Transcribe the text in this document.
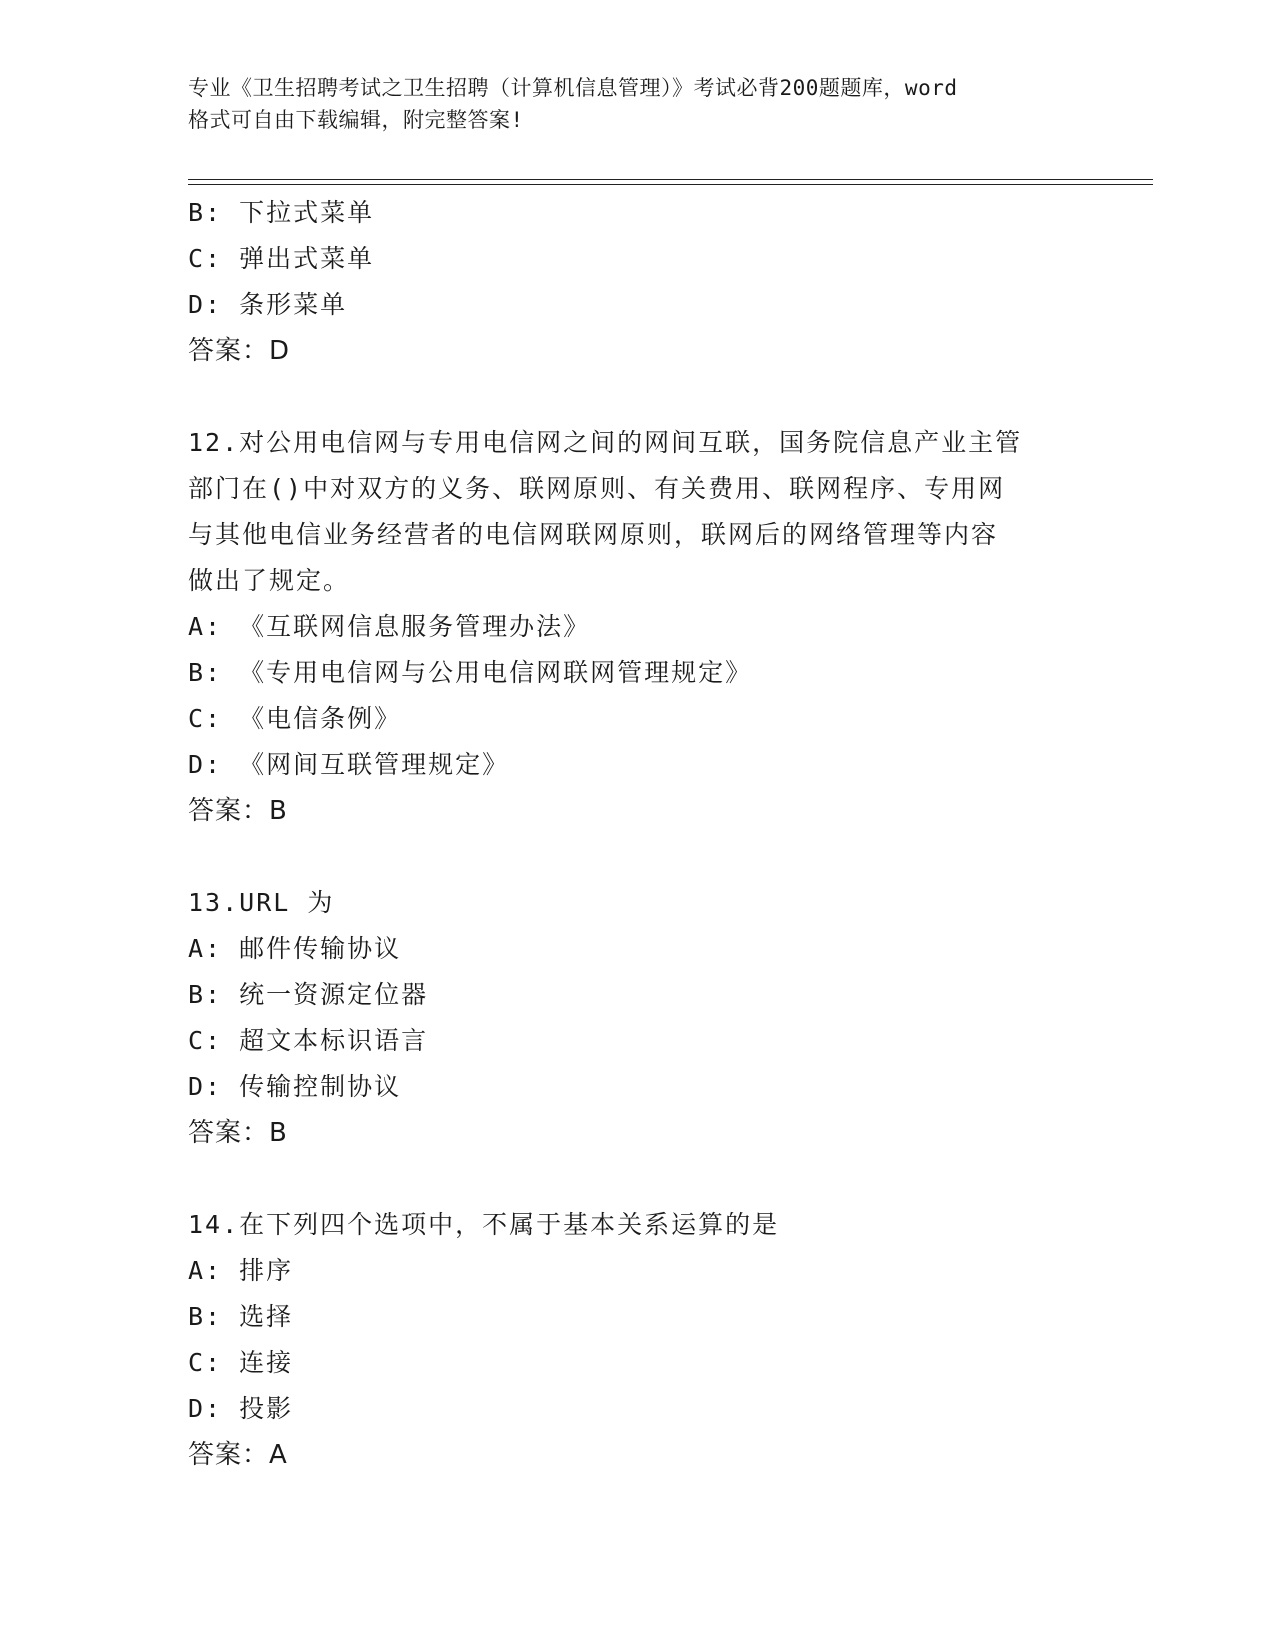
专业《卫生招聘考试之卫生招聘（计算机信息管理）》考试必背200题题库，word
格式可自由下载编辑，附完整答案!
B: 下拉式菜单
C: 弹出式菜单
D: 条形菜单
答案：D
12.对公用电信网与专用电信网之间的网间互联，国务院信息产业主管
部门在()中对双方的义务、联网原则、有关费用、联网程序、专用网
与其他电信业务经营者的电信网联网原则，联网后的网络管理等内容
做出了规定。
A: 《互联网信息服务管理办法》
B: 《专用电信网与公用电信网联网管理规定》
C: 《电信条例》
D: 《网间互联管理规定》
答案：B
13.URL 为
A: 邮件传输协议
B: 统一资源定位器
C: 超文本标识语言
D: 传输控制协议
答案：B
14.在下列四个选项中，不属于基本关系运算的是
A: 排序
B: 选择
C: 连接
D: 投影
答案：A
